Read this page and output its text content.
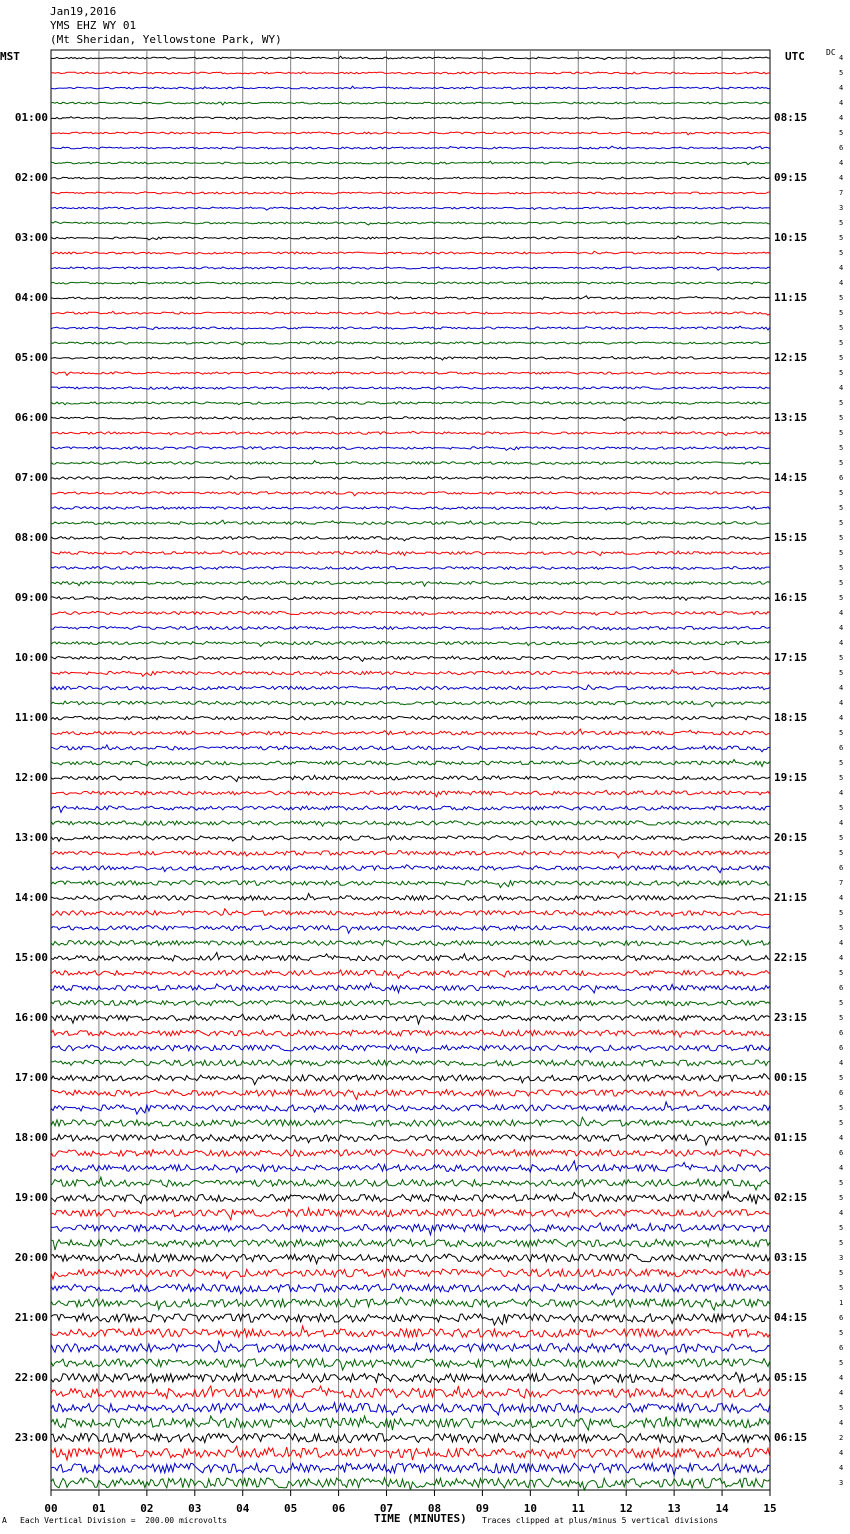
Jan19,2016
YMS EHZ WY 01
(Mt Sheridan, Yellowstone Park, WY)
MST	UTC	DC
01:00
02:00
03:00
04:00
05:00
06:00
07:00
08:00
09:00
10:00
11:00
12:00
13:00
14:00
15:00
16:00
17:00
18:00
19:00
20:00
21:00
22:00
23:00
08:15
09:15
10:15
11:15
12:15
13:15
14:15
15:15
16:15
17:15
18:15
19:15
20:15
21:15
22:15
23:15
00:15
01:15
02:15
03:15
04:15
05:15
06:15
4
5
4
4
4
5
6
4
4
7
3
5
5
5
4
4
5
5
5
5
5
5
4
5
5
5
5
5
6
5
5
5
5
5
5
5
5
4
4
4
5
5
4
4
4
5
6
5
5
4
5
4
5
5
6
7
4
5
5
4
4
5
6
5
5
6
6
4
5
6
5
5
4
6
4
5
5
4
5
5
3
5
5
1
6
5
6
5
4
4
5
4
2
4
4
3
00	01	02	03	04	05	06	07	08	09	10	11	12	13	14	15
A Each Vertical Division =  200.00 microvolts	TIME (MINUTES) Traces clipped at plus/minus 5 vertical divisions
